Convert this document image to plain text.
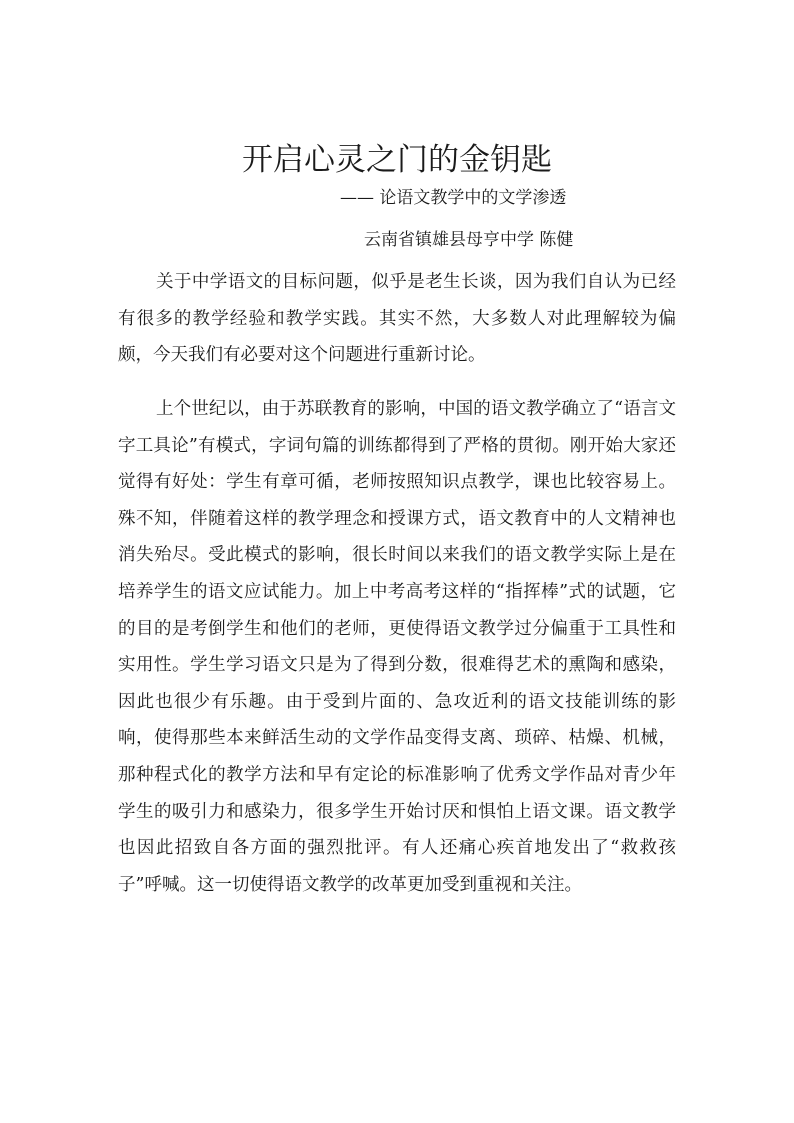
开启心灵之门的金钥匙
—— 论语文教学中的文学渗透
云南省镇雄县母亨中学 陈健

关于中学语文的目标问题，似乎是老生长谈，因为我们自认为已经有很多的教学经验和教学实践。其实不然，大多数人对此理解较为偏颇，今天我们有必要对这个问题进行重新讨论。

上个世纪以，由于苏联教育的影响，中国的语文教学确立了“语言文字工具论”有模式，字词句篇的训练都得到了严格的贯彻。刚开始大家还觉得有好处：学生有章可循，老师按照知识点教学，课也比较容易上。殊不知，伴随着这样的教学理念和授课方式，语文教育中的人文精神也消失殆尽。受此模式的影响，很长时间以来我们的语文教学实际上是在培养学生的语文应试能力。加上中考高考这样的“指挥棒”式的试题，它的目的是考倒学生和他们的老师，更使得语文教学过分偏重于工具性和实用性。学生学习语文只是为了得到分数，很难得艺术的熏陶和感染，因此也很少有乐趣。由于受到片面的、急攻近利的语文技能训练的影响，使得那些本来鲜活生动的文学作品变得支离、琐碎、枯燥、机械，那种程式化的教学方法和早有定论的标准影响了优秀文学作品对青少年学生的吸引力和感染力，很多学生开始讨厌和惧怕上语文课。语文教学也因此招致自各方面的强烈批评。有人还痛心疾首地发出了“救救孩子”呼喊。这一切使得语文教学的改革更加受到重视和关注。
